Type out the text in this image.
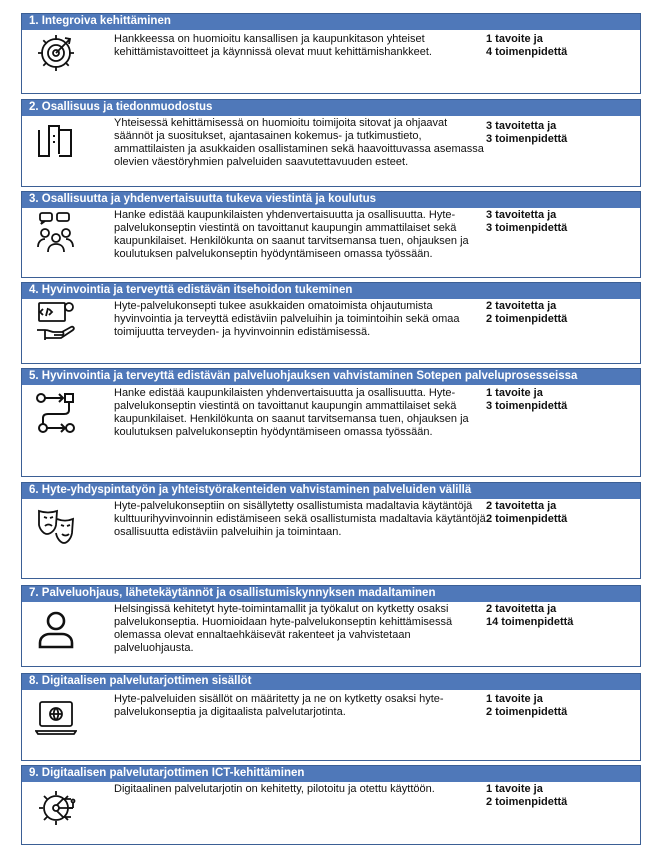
1. Integroiva kehittäminen
Hankkeessa on huomioitu kansallisen ja kaupunkitason yhteiset kehittämistavoitteet ja käynnissä olevat muut kehittämishankkeet.
1 tavoite ja
4 toimenpidettä
2. Osallisuus ja tiedonmuodostus
Yhteisessä kehittämisessä on huomioitu toimijoita sitovat ja ohjaavat säännöt ja suositukset, ajantasainen kokemus- ja tutkimustieto, ammattilaisten ja asukkaiden osallistaminen sekä haavoittuvassa asemassa olevien väestöryhmien palveluiden saavutettavuuden esteet.
3 tavoitetta ja
3 toimenpidettä
3. Osallisuutta ja yhdenvertaisuutta tukeva viestintä ja koulutus
Hanke edistää kaupunkilaisten yhdenvertaisuutta ja osallisuutta. Hyte-palvelukonseptin viestintä on tavoittanut kaupungin ammattilaiset sekä kaupunkilaiset. Henkilökunta on saanut tarvitsemansa tuen, ohjauksen ja koulutuksen palvelukonseptin hyödyntämiseen omassa työssään.
3 tavoitetta ja
3 toimenpidettä
4. Hyvinvointia ja terveyttä edistävän itsehoidon tukeminen
Hyte-palvelukonsepti tukee asukkaiden omatoimista ohjautumista hyvinvointia ja terveyttä edistäviin palveluihin ja toimintoihin sekä omaa toimijuutta terveyden- ja hyvinvoinnin edistämisessä.
2 tavoitetta ja
2 toimenpidettä
5. Hyvinvointia ja terveyttä edistävän palveluohjauksen vahvistaminen Sotepen palveluprosesseissa
Hanke edistää kaupunkilaisten yhdenvertaisuutta ja osallisuutta. Hyte-palvelukonseptin viestintä on tavoittanut kaupungin ammattilaiset sekä kaupunkilaiset. Henkilökunta on saanut tarvitsemansa tuen, ohjauksen ja koulutuksen palvelukonseptin hyödyntämiseen omassa työssään.
1 tavoite ja
3 toimenpidettä
6. Hyte-yhdyspintatyön ja yhteistyörakenteiden vahvistaminen palveluiden välillä
Hyte-palvelukonseptiin on sisällytetty osallistumista madaltavia käytäntöjä kulttuurihyvinvoinnin edistämiseen sekä osallistumista madaltavia käytäntöjä osallisuutta edistäviin palveluihin ja toimintaan.
2 tavoitetta ja
2 toimenpidettä
7. Palveluohjaus, lähetekäytännöt ja osallistumiskynnyksen madaltaminen
Helsingissä kehitetyt hyte-toimintamallit ja työkalut on kytketty osaksi palvelukonseptia. Huomioidaan hyte-palvelukonseptin kehittämisessä olemassa olevat ennaltaehkäisevät rakenteet ja vahvistetaan palveluohjausta.
2 tavoitetta ja
14 toimenpidettä
8. Digitaalisen palvelutarjottimen sisällöt
Hyte-palveluiden sisällöt on määritetty ja ne on kytketty osaksi hyte-palvelukonseptia ja digitaalista palvelutarjotinta.
1 tavoite ja
2 toimenpidettä
9. Digitaalisen palvelutarjottimen ICT-kehittäminen
Digitaalinen palvelutarjotin on kehitetty, pilotoitu ja otettu käyttöön.	1 tavoite ja
2 toimenpidettä
